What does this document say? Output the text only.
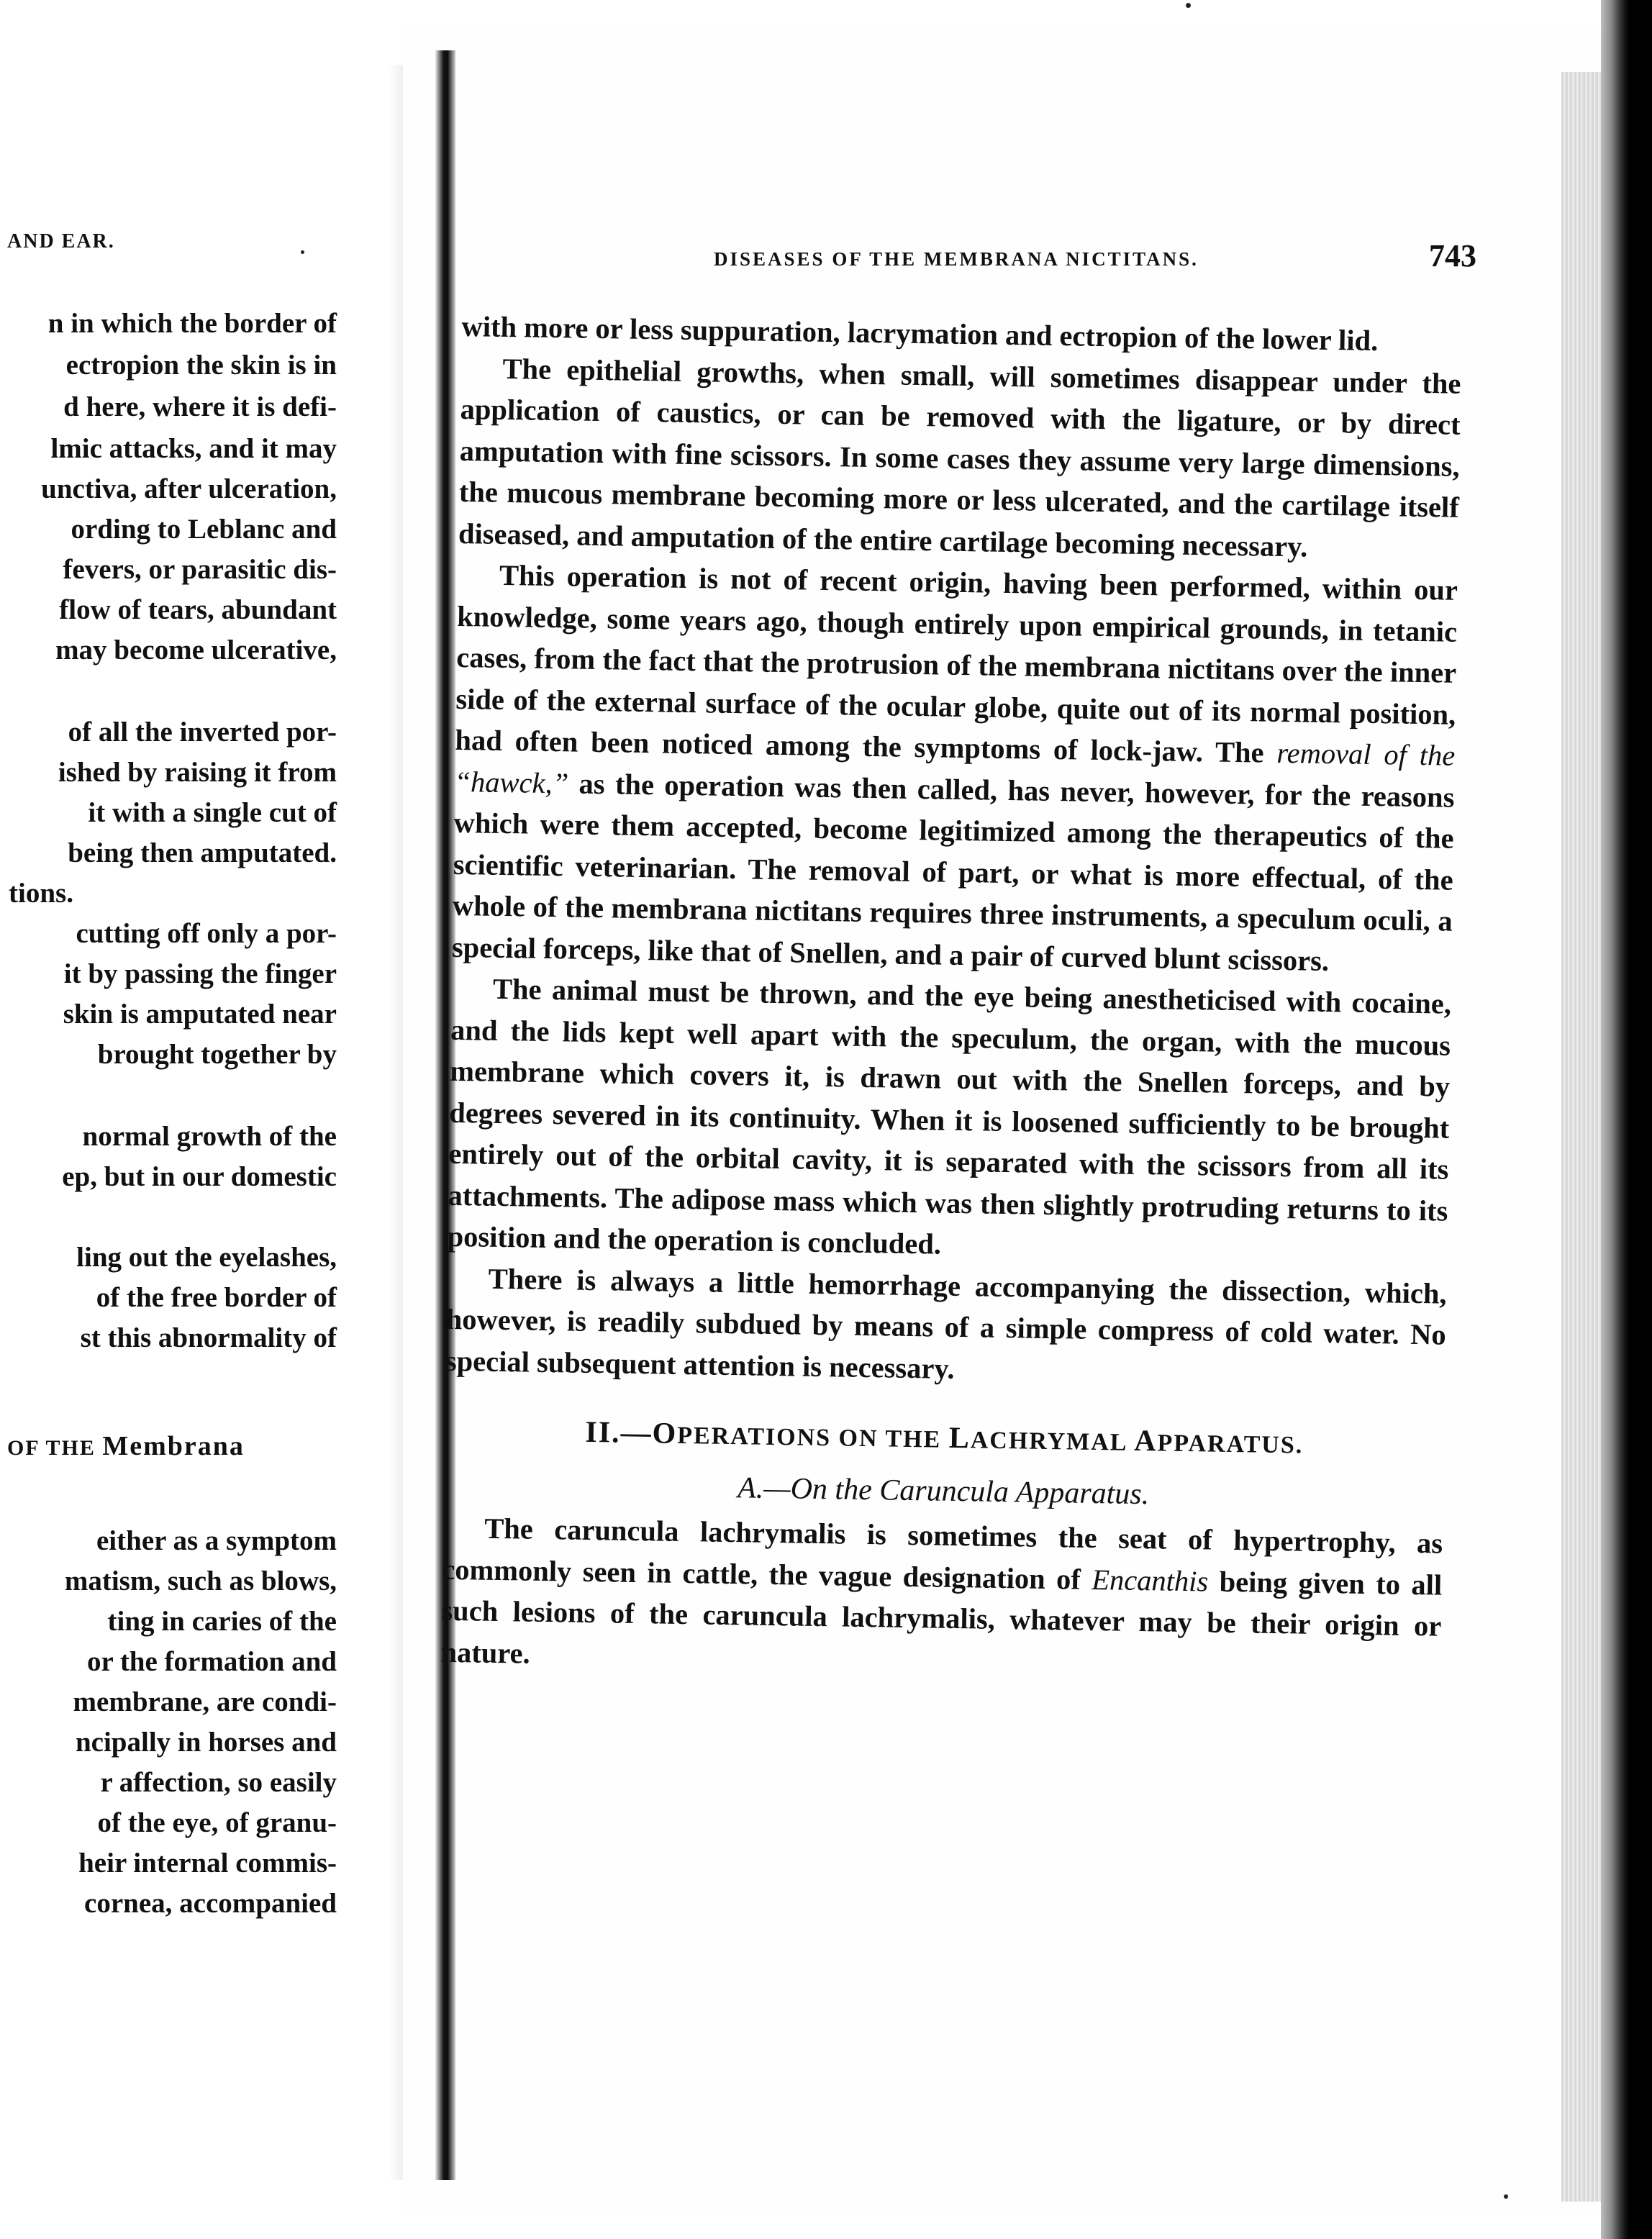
AND EAR.
n in which the border of
ectropion the skin is in
d here, where it is defi-
lmic attacks, and it may
unctiva, after ulceration,
ording to Leblanc and
fevers, or parasitic dis-
flow of tears, abundant
may become ulcerative,
of all the inverted por-
ished by raising it from
it with a single cut of
being then amputated.
tions.
cutting off only a por-
it by passing the finger
skin is amputated near
brought together by
normal growth of the
ep, but in our domestic
ling out the eyelashes,
of the free border of
st this abnormality of
OF THE Membrana
either as a symptom
matism, such as blows,
ting in caries of the
or the formation and
membrane, are condi-
ncipally in horses and
r affection, so easily
of the eye, of granu-
heir internal commis-
cornea, accompanied
DISEASES OF THE MEMBRANA NICTITANS.	743

with more or less suppuration, lacrymation and ectropion of the lower lid.

The epithelial growths, when small, will sometimes disappear under the application of caustics, or can be removed with the ligature, or by direct amputation with fine scissors. In some cases they assume very large dimensions, the mucous membrane becoming more or less ulcerated, and the cartilage itself diseased, and amputation of the entire cartilage becoming necessary.

This operation is not of recent origin, having been performed, within our knowledge, some years ago, though entirely upon empirical grounds, in tetanic cases, from the fact that the protrusion of the membrana nictitans over the inner side of the external surface of the ocular globe, quite out of its normal position, had often been noticed among the symptoms of lock-jaw. The removal of the “hawck,” as the operation was then called, has never, however, for the reasons which were them accepted, become legitimized among the therapeutics of the scientific veterinarian. The removal of part, or what is more effectual, of the whole of the membrana nictitans requires three instruments, a speculum oculi, a special forceps, like that of Snellen, and a pair of curved blunt scissors.

The animal must be thrown, and the eye being anestheticised with cocaine, and the lids kept well apart with the speculum, the organ, with the mucous membrane which covers it, is drawn out with the Snellen forceps, and by degrees severed in its continuity. When it is loosened sufficiently to be brought entirely out of the orbital cavity, it is separated with the scissors from all its attachments. The adipose mass which was then slightly protruding returns to its position and the operation is concluded.

There is always a little hemorrhage accompanying the dissection, which, however, is readily subdued by means of a simple compress of cold water. No special subsequent attention is necessary.

II.—OPERATIONS ON THE LACHRYMAL APPARATUS.
A.—On the Caruncula Apparatus.

The caruncula lachrymalis is sometimes the seat of hypertrophy, as commonly seen in cattle, the vague designation of Encanthis being given to all such lesions of the caruncula lachrymalis, whatever may be their origin or nature.
